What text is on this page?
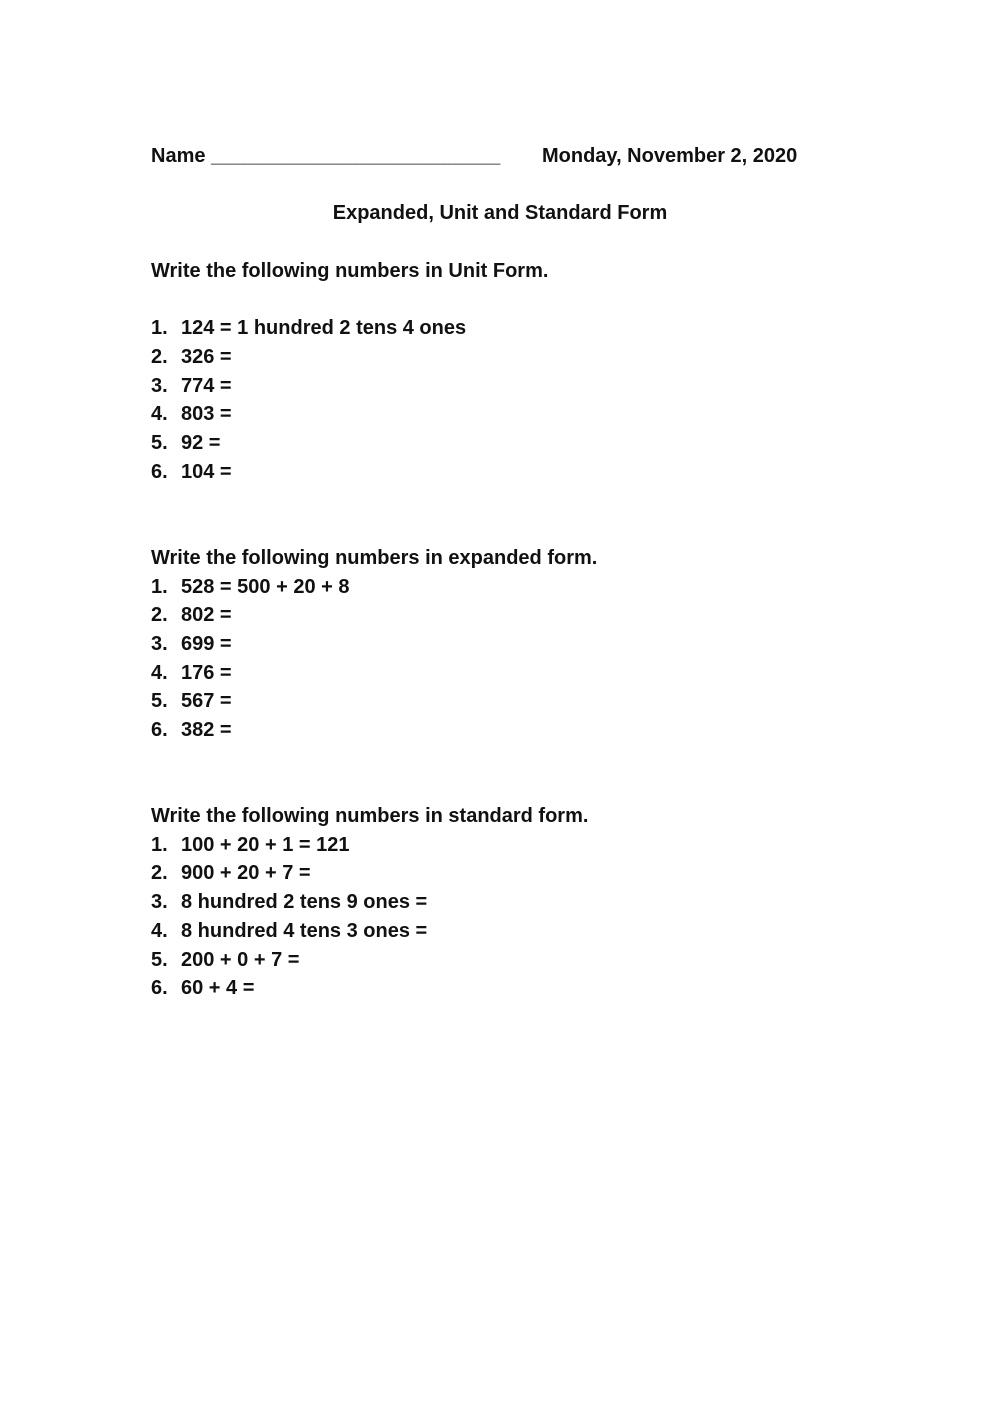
Name __________________________ Monday, November 2, 2020
Expanded, Unit and Standard Form
Write the following numbers in Unit Form.
1. 124 = 1 hundred 2 tens 4 ones
2. 326 =
3. 774 =
4. 803 =
5. 92 =
6. 104 =
Write the following numbers in expanded form.
1. 528 = 500 + 20 + 8
2. 802 =
3. 699 =
4. 176 =
5. 567 =
6. 382 =
Write the following numbers in standard form.
1. 100 + 20 + 1 = 121
2. 900 + 20 + 7 =
3. 8 hundred 2 tens 9 ones =
4. 8 hundred 4 tens 3 ones =
5. 200 + 0 + 7 =
6. 60 + 4 =
